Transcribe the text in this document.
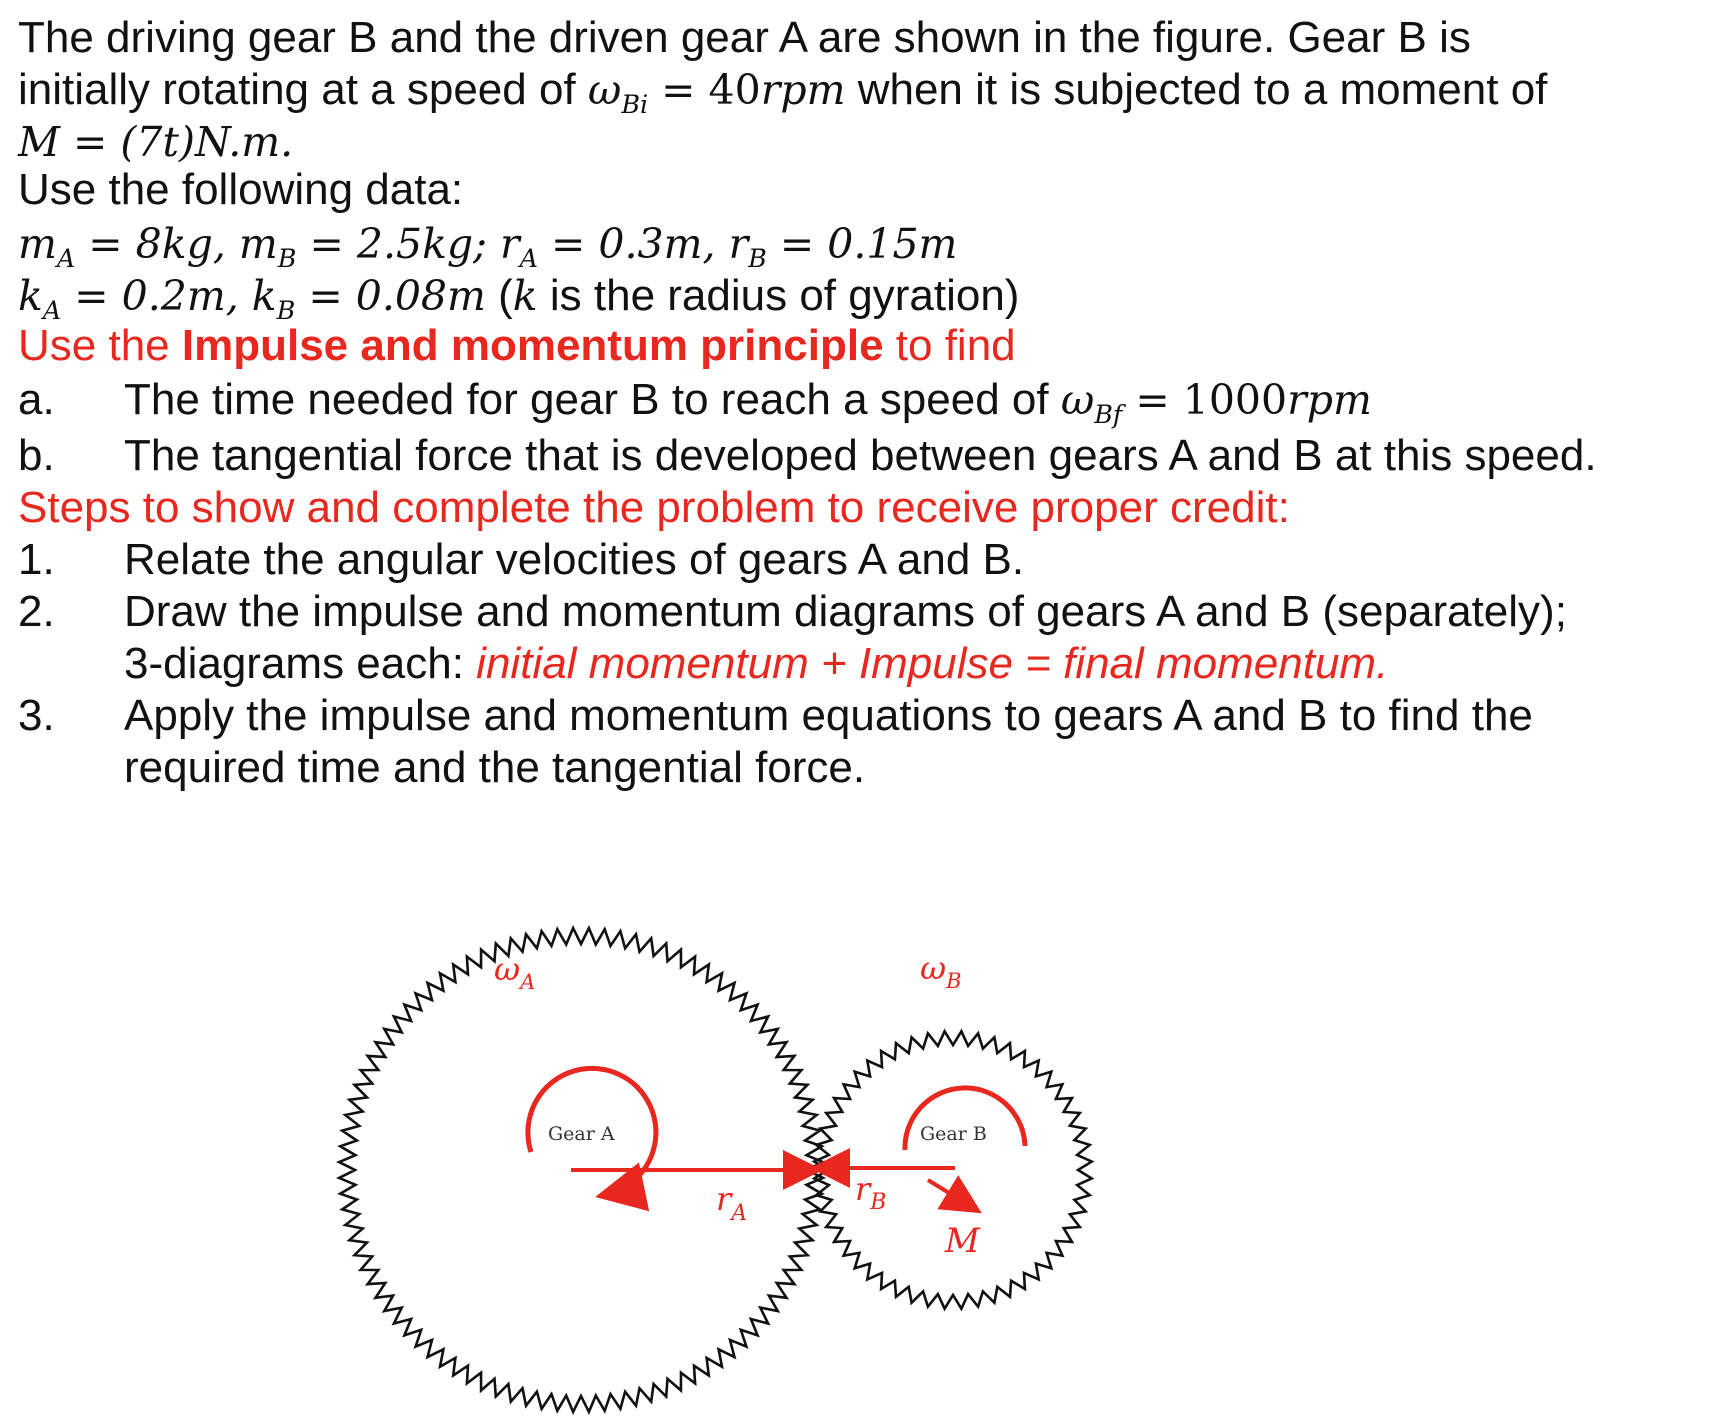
The driving gear B and the driven gear A are shown in the figure. Gear B is
initially rotating at a speed of $\omega_{Bi} = 40rpm$ when it is subjected to a moment of
M = (7t)N.m.
Use the following data:
$m_A = 8kg$, $m_B = 2.5kg$; $r_A = 0.3m$, $r_B = 0.15m$
$k_A = 0.2m$, $k_B = 0.08m$ (k is the radius of gyration)
Use the Impulse and momentum principle to find
a. The time needed for gear B to reach a speed of $\omega_{Bf} = 1000rpm$
b. The tangential force that is developed between gears A and B at this speed.
Steps to show and complete the problem to receive proper credit:
1. Relate the angular velocities of gears A and B.
2. Draw the impulse and momentum diagrams of gears A and B (separately);
3-diagrams each: initial momentum + Impulse = final momentum.
3. Apply the impulse and momentum equations to gears A and B to find the
required time and the tangential force.
Gear A	Gear B
$\omega_A$	$\omega_B$
$r_A$
$r_B$
M
